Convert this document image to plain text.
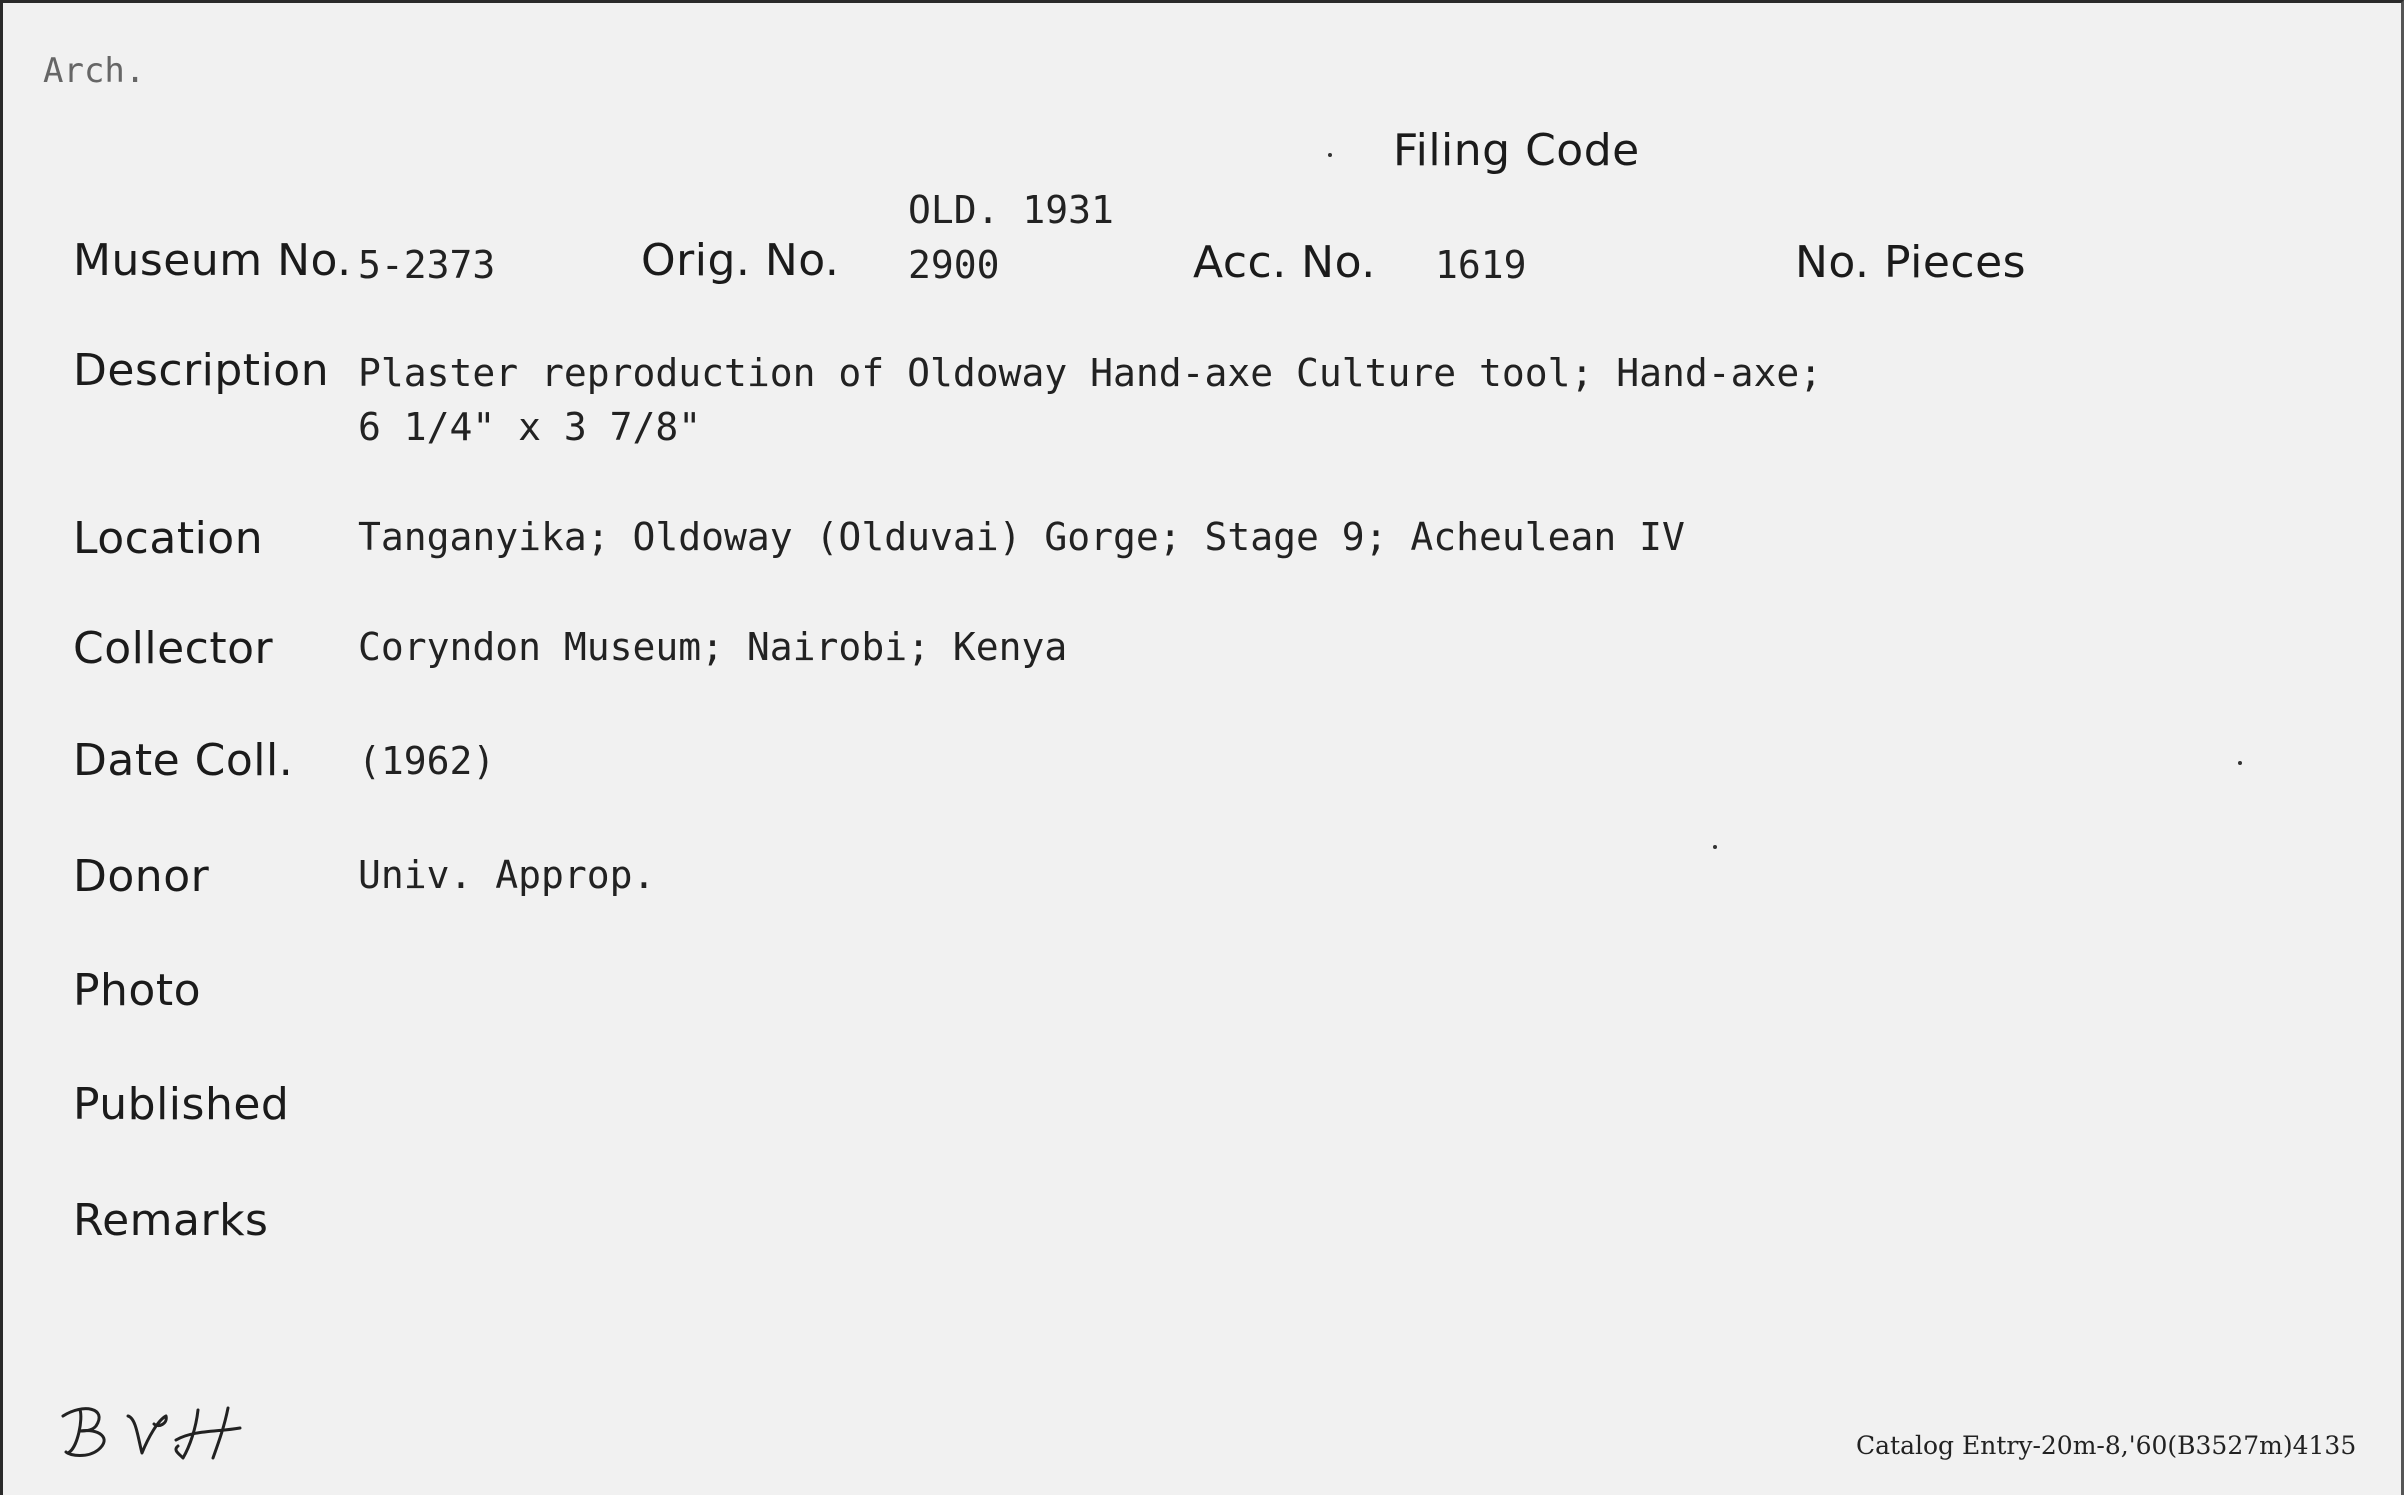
Arch.
Filing Code
OLD. 1931
Museum No. 5-2373	Orig. No. 2900	Acc. No. 1619	No. Pieces
Description Plaster reproduction of Oldoway Hand-axe Culture tool; Hand-axe;
6 1/4" x 3 7/8"
Location Tanganyika; Oldoway (Olduvai) Gorge; Stage 9; Acheulean IV
Collector Coryndon Museum; Nairobi; Kenya
Date Coll. (1962)
Donor	Univ. Approp.
Photo
Published
Remarks
Catalog Entry-20m-8,'60(B3527m)4135
